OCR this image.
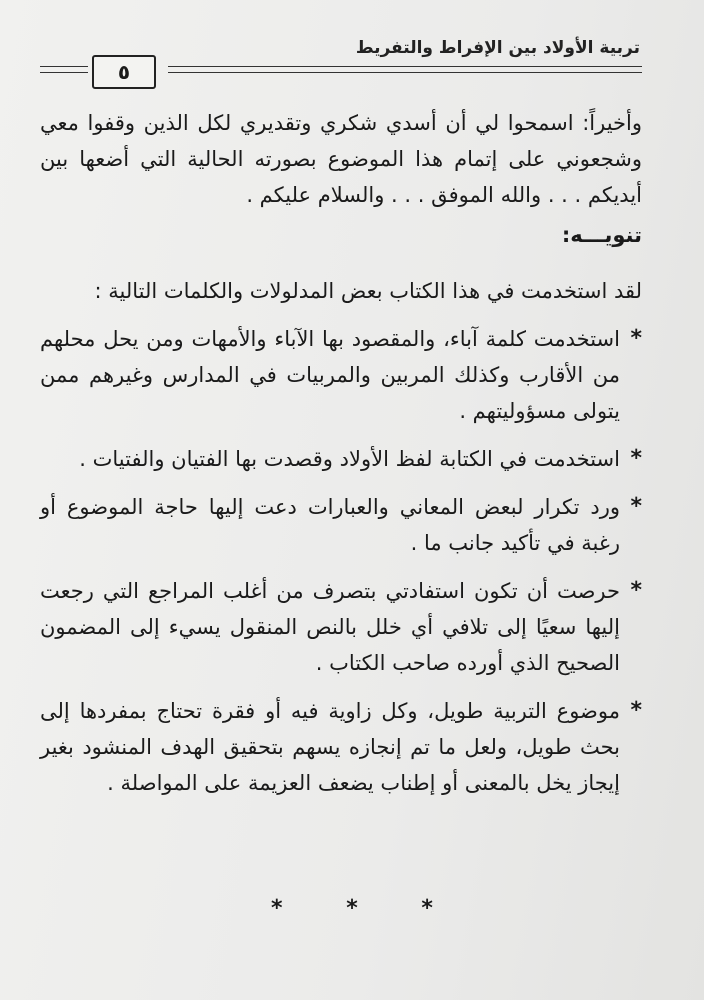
تربية الأولاد بين الإفراط والتفريط
٥

وأخيراً: اسمحوا لي أن أسدي شكري وتقديري لكل الذين وقفوا معي وشجعوني على إتمام هذا الموضوع بصورته الحالية التي أضعها بين أيديكم . . . والله الموفق . . . والسلام عليكم .

تنويـــه:

لقد استخدمت في هذا الكتاب بعض المدلولات والكلمات التالية :

*
استخدمت كلمة آباء، والمقصود بها الآباء والأمهات ومن يحل محلهم من الأقارب وكذلك المربين والمربيات في المدارس وغيرهم ممن يتولى مسؤوليتهم .
*
استخدمت في الكتابة لفظ الأولاد وقصدت بها الفتيان والفتيات .
*
ورد تكرار لبعض المعاني والعبارات دعت إليها حاجة الموضوع أو رغبة في تأكيد جانب ما .
*
حرصت أن تكون استفادتي بتصرف من أغلب المراجع التي رجعت إليها سعيًا إلى تلافي أي خلل بالنص المنقول يسيء إلى المضمون الصحيح الذي أورده صاحب الكتاب .
*
موضوع التربية طويل، وكل زاوية فيه أو فقرة تحتاج بمفردها إلى بحث طويل، ولعل ما تم إنجازه يسهم بتحقيق الهدف المنشود بغير إيجاز يخل بالمعنى أو إطناب يضعف العزيمة على المواصلة .
* * *
